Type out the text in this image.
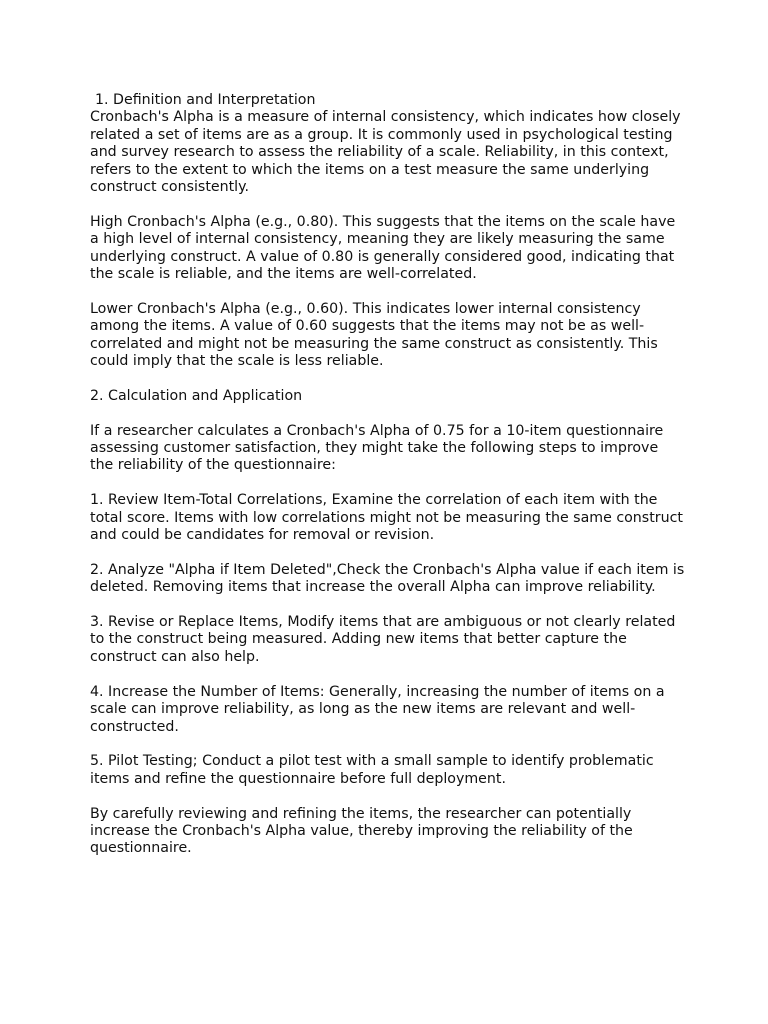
1. Definition and Interpretation

Cronbach's Alpha is a measure of internal consistency, which indicates how closely related a set of items are as a group. It is commonly used in psychological testing and survey research to assess the reliability of a scale. Reliability, in this context, refers to the extent to which the items on a test measure the same underlying construct consistently.

High Cronbach's Alpha (e.g., 0.80). This suggests that the items on the scale have a high level of internal consistency, meaning they are likely measuring the same underlying construct. A value of 0.80 is generally considered good, indicating that the scale is reliable, and the items are well-correlated.

Lower Cronbach's Alpha (e.g., 0.60). This indicates lower internal consistency among the items. A value of 0.60 suggests that the items may not be as well-correlated and might not be measuring the same construct as consistently. This could imply that the scale is less reliable.

2. Calculation and Application

If a researcher calculates a Cronbach's Alpha of 0.75 for a 10-item questionnaire assessing customer satisfaction, they might take the following steps to improve the reliability of the questionnaire:

1. Review Item-Total Correlations, Examine the correlation of each item with the total score. Items with low correlations might not be measuring the same construct and could be candidates for removal or revision.

2. Analyze "Alpha if Item Deleted",Check the Cronbach's Alpha value if each item is deleted. Removing items that increase the overall Alpha can improve reliability.

3. Revise or Replace Items, Modify items that are ambiguous or not clearly related to the construct being measured. Adding new items that better capture the construct can also help.

4. Increase the Number of Items: Generally, increasing the number of items on a scale can improve reliability, as long as the new items are relevant and well-constructed.

5. Pilot Testing; Conduct a pilot test with a small sample to identify problematic items and refine the questionnaire before full deployment.

By carefully reviewing and refining the items, the researcher can potentially increase the Cronbach's Alpha value, thereby improving the reliability of the questionnaire.
